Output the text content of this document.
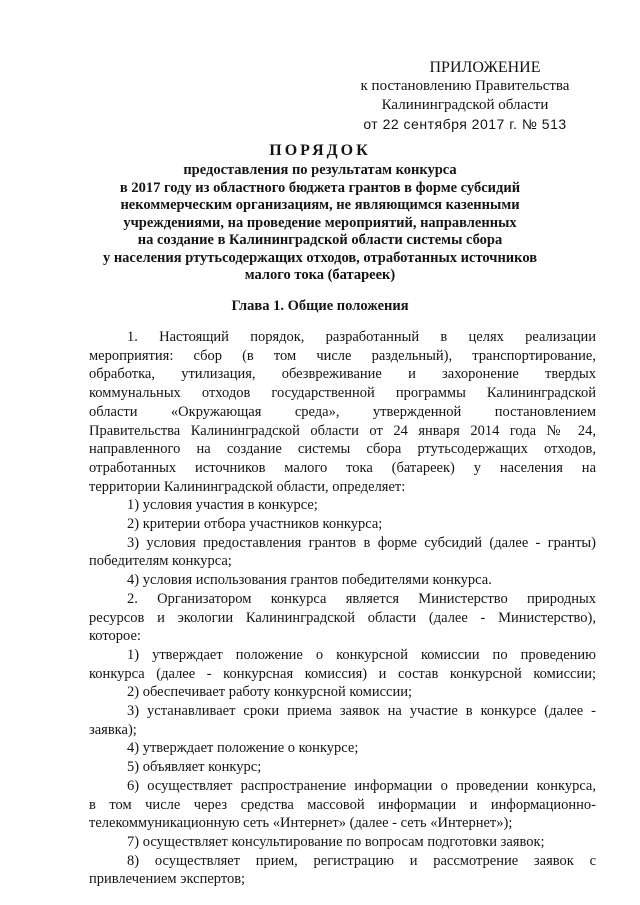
ПРИЛОЖЕНИЕ
к постановлению Правительства
Калининградской области
от 22 сентября 2017 г. № 513
ПОРЯДОК
предоставления по результатам конкурса
в 2017 году из областного бюджета грантов в форме субсидий
некоммерческим организациям, не являющимся казенными
учреждениями, на проведение мероприятий, направленных
на создание в Калининградской области системы сбора
у населения ртутьсодержащих отходов, отработанных источников
малого тока (батареек)
Глава 1. Общие положения
1. Настоящий порядок, разработанный в целях реализации
мероприятия: сбор (в том числе раздельный), транспортирование,
обработка, утилизация, обезвреживание и захоронение твердых
коммунальных отходов государственной программы Калининградской
области «Окружающая среда», утвержденной постановлением
Правительства Калининградской области от 24 января 2014 года № 24,
направленного на создание системы сбора ртутьсодержащих отходов,
отработанных источников малого тока (батареек) у населения на
территории Калининградской области, определяет:
1) условия участия в конкурсе;
2) критерии отбора участников конкурса;
3) условия предоставления грантов в форме субсидий (далее - гранты)
победителям конкурса;
4) условия использования грантов победителями конкурса.
2. Организатором конкурса является Министерство природных
ресурсов и экологии Калининградской области (далее - Министерство),
которое:
1) утверждает положение о конкурсной комиссии по проведению
конкурса (далее - конкурсная комиссия) и состав конкурсной комиссии;
2) обеспечивает работу конкурсной комиссии;
3) устанавливает сроки приема заявок на участие в конкурсе (далее -
заявка);
4) утверждает положение о конкурсе;
5) объявляет конкурс;
6) осуществляет распространение информации о проведении конкурса,
в том числе через средства массовой информации и информационно-
телекоммуникационную сеть «Интернет» (далее - сеть «Интернет»);
7) осуществляет консультирование по вопросам подготовки заявок;
8) осуществляет прием, регистрацию и рассмотрение заявок с
привлечением экспертов;
